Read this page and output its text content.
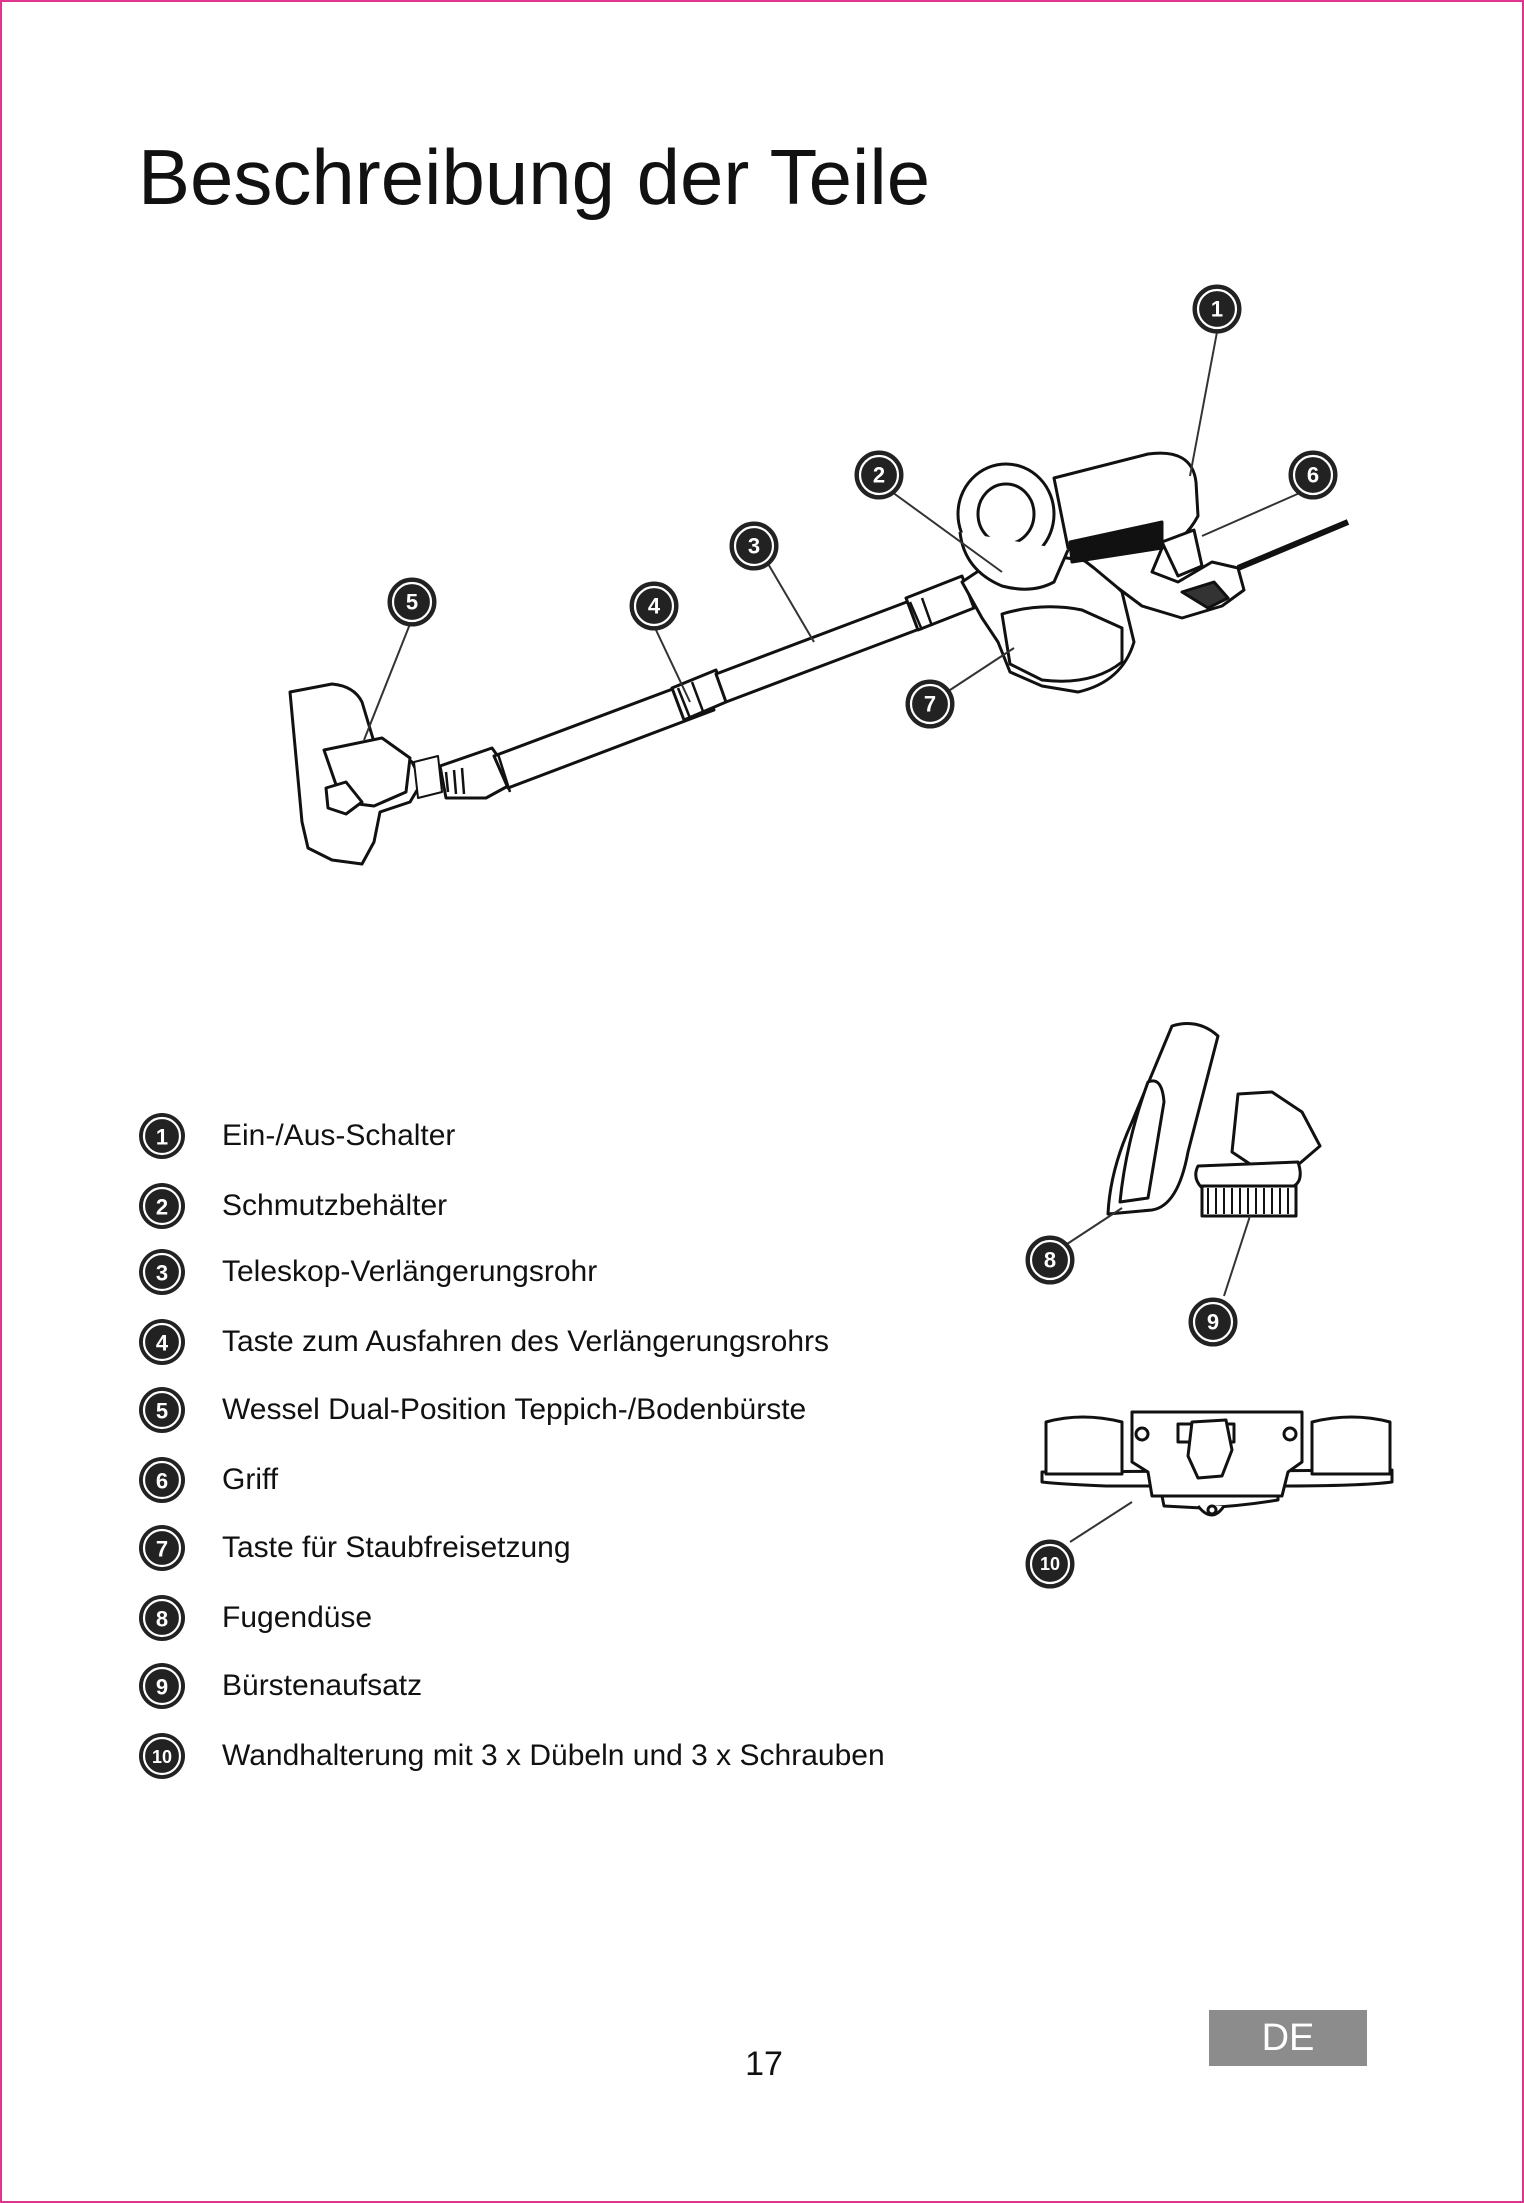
Beschreibung der Teile
1
2
3
4
5
6
7
8
9
10
1 Ein-/Aus-Schalter
2 Schmutzbehälter
3 Teleskop-Verlängerungsrohr
4 Taste zum Ausfahren des Verlängerungsrohrs
5 Wessel Dual-Position Teppich-/Bodenbürste
6 Griff
7 Taste für Staubfreisetzung
8 Fugendüse
9 Bürstenaufsatz
10 Wandhalterung mit 3 x Dübeln und 3 x Schrauben
17
DE
